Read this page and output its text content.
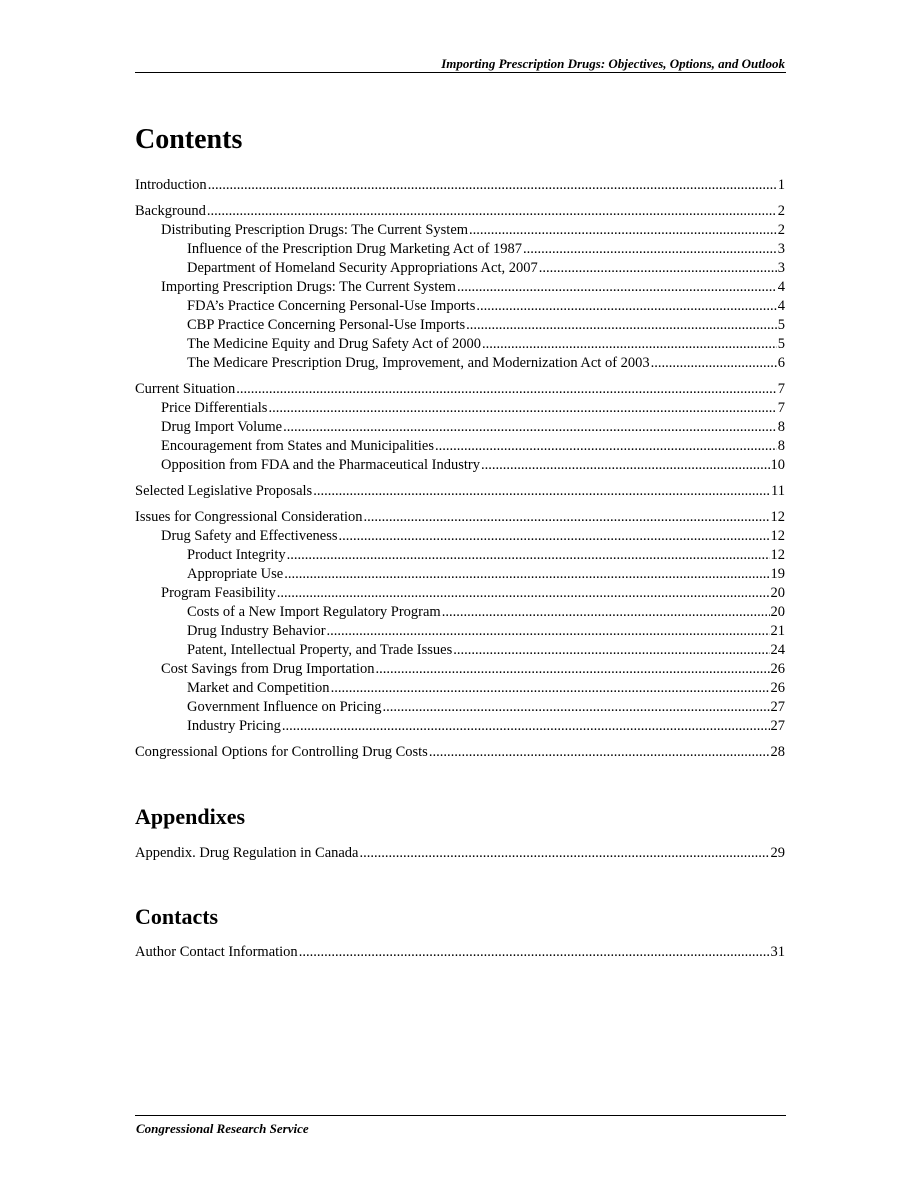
Importing Prescription Drugs: Objectives, Options, and Outlook
Contents
Introduction .....	1
Background .....	2
Distributing Prescription Drugs: The Current System .....	2
Influence of the Prescription Drug Marketing Act of 1987 .....	3
Department of Homeland Security Appropriations Act, 2007 .....	3
Importing Prescription Drugs: The Current System .....	4
FDA’s Practice Concerning Personal-Use Imports .....	4
CBP Practice Concerning Personal-Use Imports .....	5
The Medicine Equity and Drug Safety Act of 2000 .....	5
The Medicare Prescription Drug, Improvement, and Modernization Act of 2003 .....	6
Current Situation .....	7
Price Differentials .....	7
Drug Import Volume .....	8
Encouragement from States and Municipalities .....	8
Opposition from FDA and the Pharmaceutical Industry .....	10
Selected Legislative Proposals .....	11
Issues for Congressional Consideration .....	12
Drug Safety and Effectiveness .....	12
Product Integrity .....	12
Appropriate Use .....	19
Program Feasibility .....	20
Costs of a New Import Regulatory Program .....	20
Drug Industry Behavior .....	21
Patent, Intellectual Property, and Trade Issues .....	24
Cost Savings from Drug Importation .....	26
Market and Competition .....	26
Government Influence on Pricing .....	27
Industry Pricing .....	27
Congressional Options for Controlling Drug Costs .....	28
Appendixes
Appendix. Drug Regulation in Canada .....	29
Contacts
Author Contact Information .....	31
Congressional Research Service
